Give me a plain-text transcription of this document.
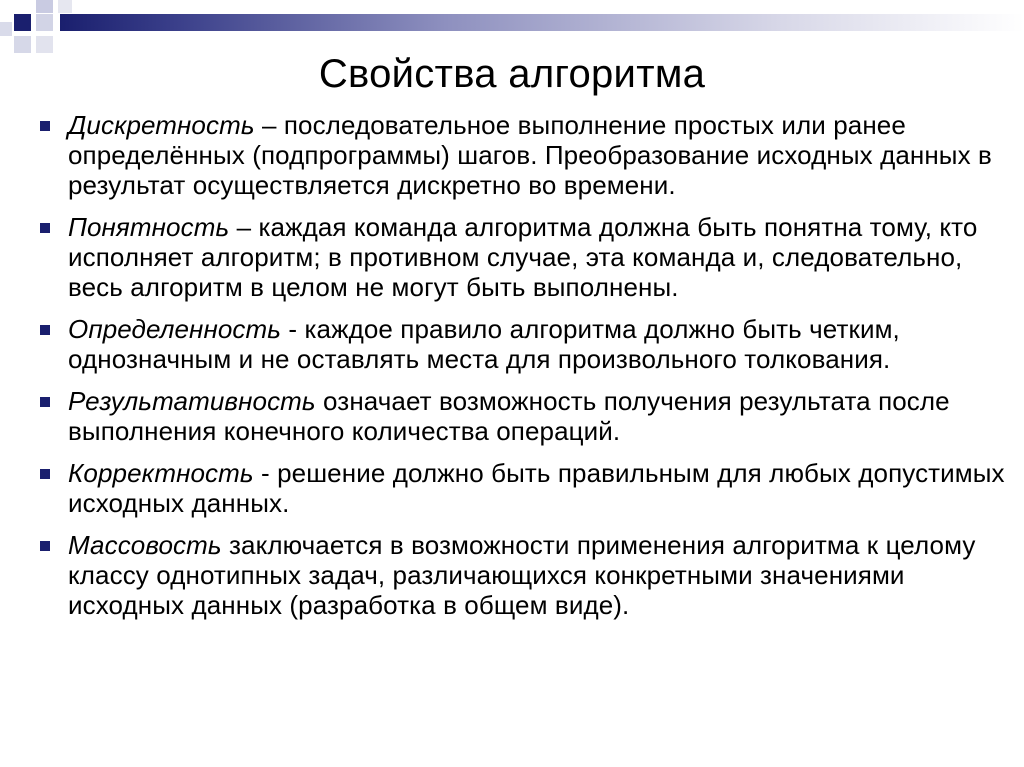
Свойства алгоритма
Дискретность – последовательное выполнение простых или ранее определённых (подпрограммы) шагов. Преобразование исходных данных в результат осуществляется дискретно во времени.
Понятность – каждая команда алгоритма должна быть понятна тому, кто исполняет алгоритм; в противном случае, эта команда и, следовательно, весь алгоритм в целом не могут быть выполнены.
Определенность - каждое правило алгоритма должно быть четким, однозначным и не оставлять места для произвольного толкования.
Результативность означает возможность получения результата после выполнения конечного количества операций.
Корректность - решение должно быть правильным для любых допустимых исходных данных.
Массовость заключается в возможности применения алгоритма к целому классу однотипных задач, различающихся конкретными значениями исходных данных (разработка в общем виде).
